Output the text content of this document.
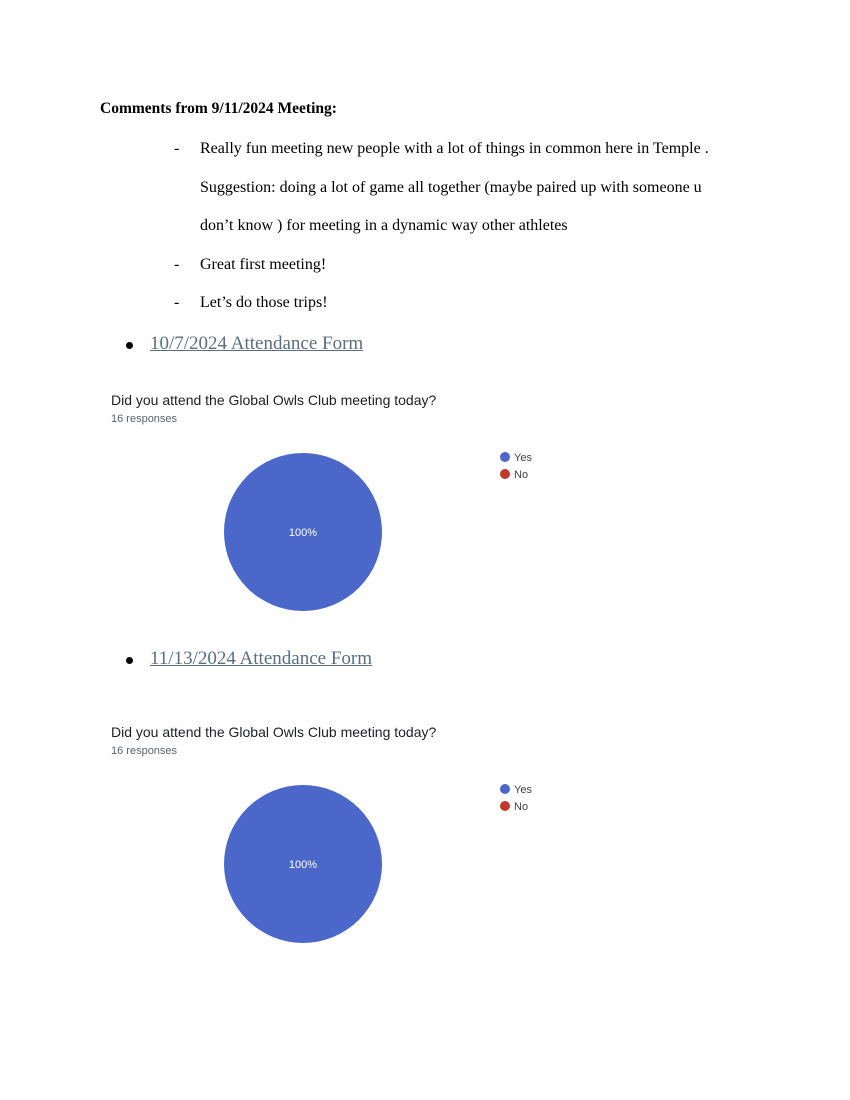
Comments from 9/11/2024 Meeting:
- Really fun meeting new people with a lot of things in common here in Temple .
Suggestion: doing a lot of game all together (maybe paired up with someone u
don’t know ) for meeting in a dynamic way other athletes
- Great first meeting!
- Let’s do those trips!
10/7/2024 Attendance Form
Did you attend the Global Owls Club meeting today?
16 responses
100%
Yes
No
11/13/2024 Attendance Form
Did you attend the Global Owls Club meeting today?
16 responses
100%
Yes
No
